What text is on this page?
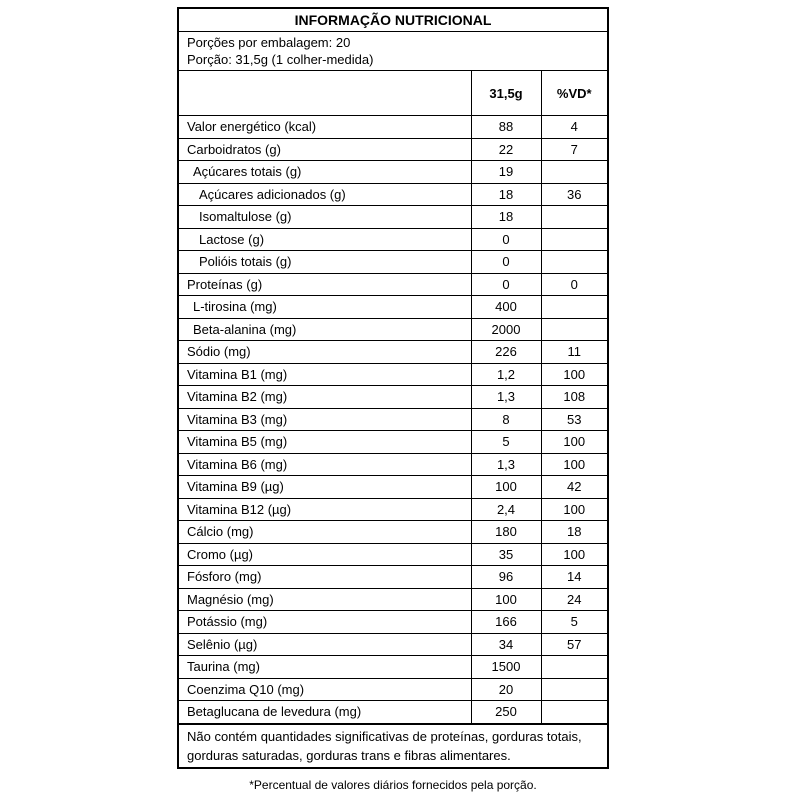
INFORMAÇÃO NUTRICIONAL
Porções por embalagem: 20
Porção: 31,5g (1 colher-medida)
	31,5g	%VD*
Valor energético (kcal)	88	4
Carboidratos (g)	22	7
Açúcares totais (g)	19	
Açúcares adicionados (g)	18	36
Isomaltulose (g)	18	
Lactose (g)	0	
Polióis totais (g)	0	
Proteínas (g)	0	0
L-tirosina (mg)	400	
Beta-alanina (mg)	2000	
Sódio (mg)	226	11
Vitamina B1 (mg)	1,2	100
Vitamina B2 (mg)	1,3	108
Vitamina B3 (mg)	8	53
Vitamina B5 (mg)	5	100
Vitamina B6 (mg)	1,3	100
Vitamina B9 (µg)	100	42
Vitamina B12 (µg)	2,4	100
Cálcio (mg)	180	18
Cromo (µg)	35	100
Fósforo (mg)	96	14
Magnésio (mg)	100	24
Potássio (mg)	166	5
Selênio (µg)	34	57
Taurina (mg)	1500	
Coenzima Q10 (mg)	20	
Betaglucana de levedura (mg)	250	
Não contém quantidades significativas de proteínas, gorduras totais, gorduras saturadas, gorduras trans e fibras alimentares.
*Percentual de valores diários fornecidos pela porção.
